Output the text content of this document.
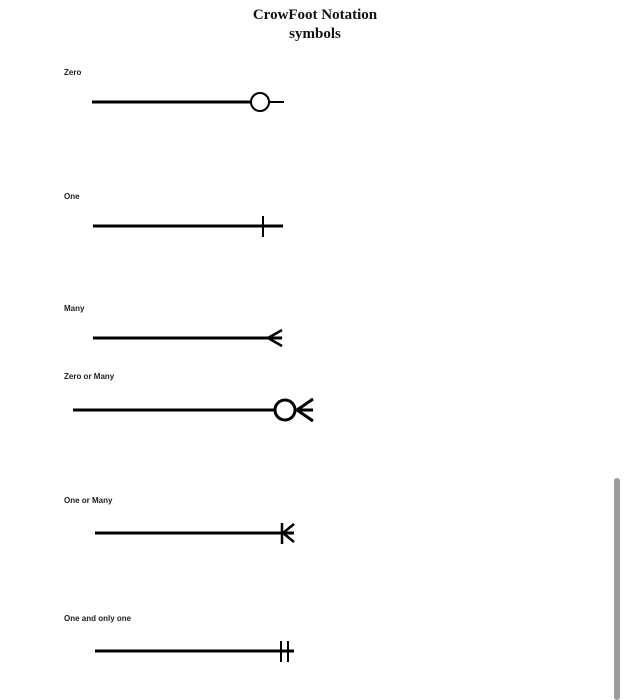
CrowFoot Notation
symbols
Zero
One
Many
Zero or Many
One or Many
One and only one
